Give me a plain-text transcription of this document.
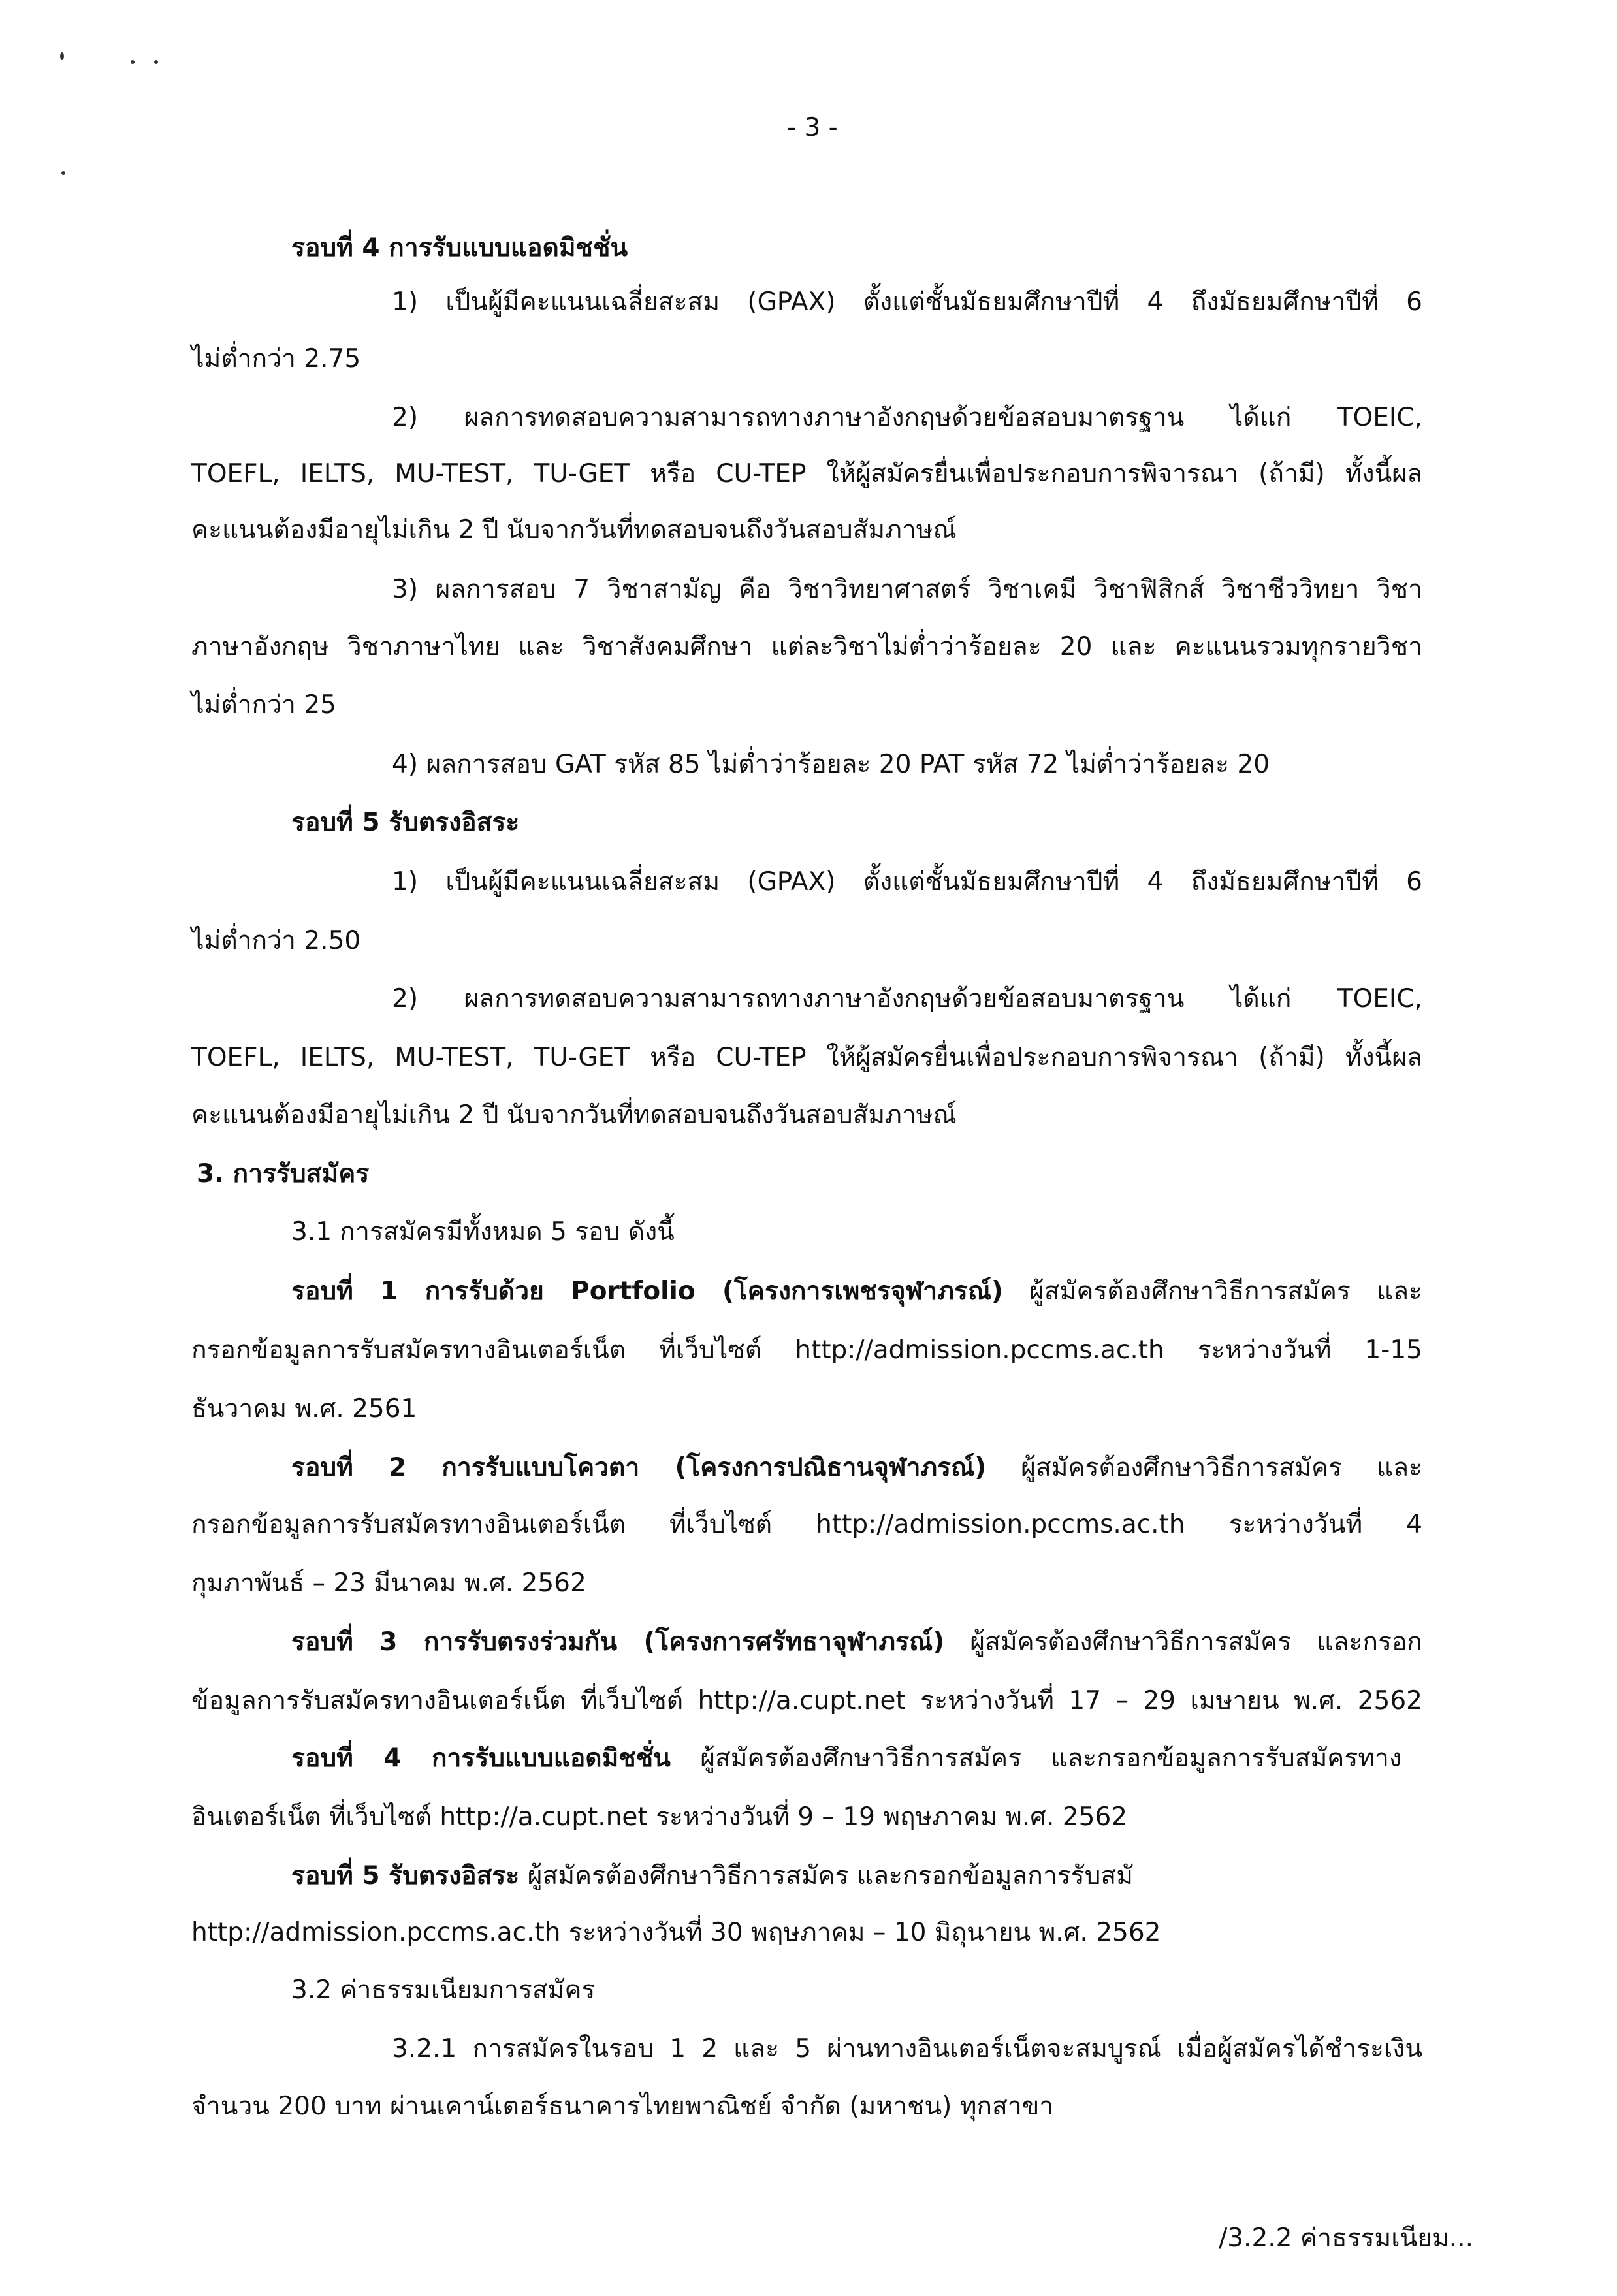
- 3 -
รอบที่ 4 การรับแบบแอดมิชชั่น
1) เป็นผู้มีคะแนนเฉลี่ยสะสม (GPAX) ตั้งแต่ชั้นมัธยมศึกษาปีที่ 4 ถึงมัธยมศึกษาปีที่ 6
ไม่ต่ำกว่า 2.75
2) ผลการทดสอบความสามารถทางภาษาอังกฤษด้วยข้อสอบมาตรฐาน ได้แก่ TOEIC,
TOEFL, IELTS, MU-TEST, TU-GET หรือ CU-TEP ให้ผู้สมัครยื่นเพื่อประกอบการพิจารณา (ถ้ามี) ทั้งนี้ผล
คะแนนต้องมีอายุไม่เกิน 2 ปี นับจากวันที่ทดสอบจนถึงวันสอบสัมภาษณ์
3) ผลการสอบ 7 วิชาสามัญ คือ วิชาวิทยาศาสตร์ วิชาเคมี วิชาฟิสิกส์ วิชาชีววิทยา วิชา
ภาษาอังกฤษ วิชาภาษาไทย และ วิชาสังคมศึกษา แต่ละวิชาไม่ต่ำว่าร้อยละ 20 และ คะแนนรวมทุกรายวิชา
ไม่ต่ำกว่า 25
4) ผลการสอบ GAT รหัส 85 ไม่ต่ำว่าร้อยละ 20 PAT รหัส 72 ไม่ต่ำว่าร้อยละ 20
รอบที่ 5 รับตรงอิสระ
1) เป็นผู้มีคะแนนเฉลี่ยสะสม (GPAX) ตั้งแต่ชั้นมัธยมศึกษาปีที่ 4 ถึงมัธยมศึกษาปีที่ 6
ไม่ต่ำกว่า 2.50
2) ผลการทดสอบความสามารถทางภาษาอังกฤษด้วยข้อสอบมาตรฐาน ได้แก่ TOEIC,
TOEFL, IELTS, MU-TEST, TU-GET หรือ CU-TEP ให้ผู้สมัครยื่นเพื่อประกอบการพิจารณา (ถ้ามี) ทั้งนี้ผล
คะแนนต้องมีอายุไม่เกิน 2 ปี นับจากวันที่ทดสอบจนถึงวันสอบสัมภาษณ์
3. การรับสมัคร
3.1 การสมัครมีทั้งหมด 5 รอบ ดังนี้
รอบที่ 1 การรับด้วย Portfolio (โครงการเพชรจุฬาภรณ์) ผู้สมัครต้องศึกษาวิธีการสมัคร และ
กรอกข้อมูลการรับสมัครทางอินเตอร์เน็ต ที่เว็บไซต์ http://admission.pccms.ac.th ระหว่างวันที่ 1-15
ธันวาคม พ.ศ. 2561
รอบที่ 2 การรับแบบโควตา (โครงการปณิธานจุฬาภรณ์) ผู้สมัครต้องศึกษาวิธีการสมัคร และ
กรอกข้อมูลการรับสมัครทางอินเตอร์เน็ต ที่เว็บไซต์ http://admission.pccms.ac.th ระหว่างวันที่ 4
กุมภาพันธ์ – 23 มีนาคม พ.ศ. 2562
รอบที่ 3 การรับตรงร่วมกัน (โครงการศรัทธาจุฬาภรณ์) ผู้สมัครต้องศึกษาวิธีการสมัคร และกรอก
ข้อมูลการรับสมัครทางอินเตอร์เน็ต ที่เว็บไซต์ http://a.cupt.net ระหว่างวันที่ 17 – 29 เมษายน พ.ศ. 2562
รอบที่ 4 การรับแบบแอดมิชชั่น ผู้สมัครต้องศึกษาวิธีการสมัคร และกรอกข้อมูลการรับสมัครทาง
อินเตอร์เน็ต ที่เว็บไซต์ http://a.cupt.net ระหว่างวันที่ 9 – 19 พฤษภาคม พ.ศ. 2562
รอบที่ 5 รับตรงอิสระ ผู้สมัครต้องศึกษาวิธีการสมัคร และกรอกข้อมูลการรับสมั
http://admission.pccms.ac.th ระหว่างวันที่ 30 พฤษภาคม – 10 มิถุนายน พ.ศ. 2562
3.2 ค่าธรรมเนียมการสมัคร
3.2.1 การสมัครในรอบ 1 2 และ 5 ผ่านทางอินเตอร์เน็ตจะสมบูรณ์ เมื่อผู้สมัครได้ชำระเงิน
จำนวน 200 บาท ผ่านเคาน์เตอร์ธนาคารไทยพาณิชย์ จำกัด (มหาชน) ทุกสาขา
/3.2.2 ค่าธรรมเนียม...
